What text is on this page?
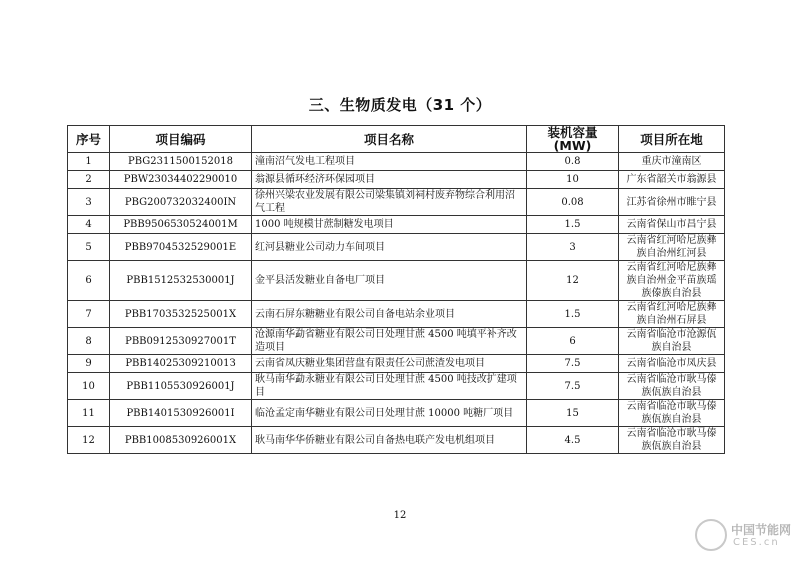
三、生物质发电（31 个）
序号	项目编码	项目名称	装机容量(MW)	项目所在地
1	PBG2311500152018	潼南沼气发电工程项目	0.8	重庆市潼南区
2	PBW23034402290010	翁源县循环经济环保园项目	10	广东省韶关市翁源县
3	PBG200732032400IN	徐州兴梁农业发展有限公司梁集镇刘祠村废弃物综合利用沼气工程	0.08	江苏省徐州市睢宁县
4	PBB9506530524001M	1000 吨规模甘蔗制糖发电项目	1.5	云南省保山市昌宁县
5	PBB9704532529001E	红河县糖业公司动力车间项目	3	云南省红河哈尼族彝族自治州红河县
6	PBB1512532530001J	金平县活发糖业自备电厂项目	12	云南省红河哈尼族彝族自治州金平苗族瑶族傣族自治县
7	PBB1703532525001X	云南石屏东糖糖业有限公司自备电站余业项目	1.5	云南省红河哈尼族彝族自治州石屏县
8	PBB0912530927001T	沧源南华勐省糖业有限公司日处理甘蔗 4500 吨填平补齐改造项目	6	云南省临沧市沧源佤族自治县
9	PBB1402530921001З	云南省凤庆糖业集团营盘有限责任公司蔗渣发电项目	7.5	云南省临沧市凤庆县
10	PBB1105530926001J	耿马南华勐永糖业有限公司日处理甘蔗 4500 吨技改扩建项目	7.5	云南省临沧市耿马傣族佤族自治县
11	PBB1401530926001I	临沧孟定南华糖业有限公司日处理甘蔗 10000 吨糖厂项目	15	云南省临沧市耿马傣族佤族自治县
12	PBB1008530926001X	耿马南华华侨糖业有限公司自备热电联产发电机组项目	4.5	云南省临沧市耿马傣族佤族自治县
12
中国节能网
CES.cn
